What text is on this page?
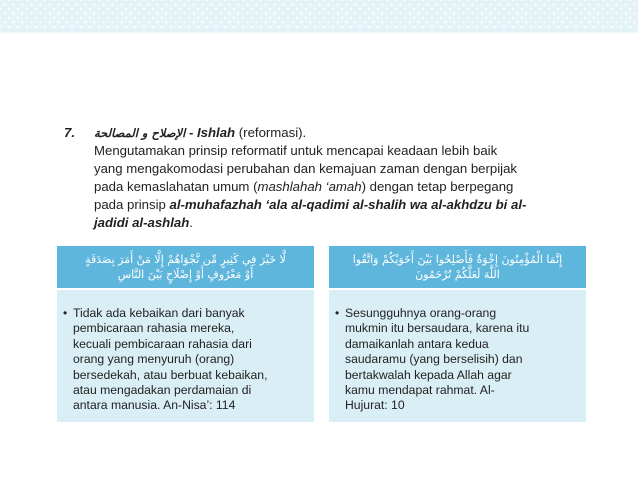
7. الإصلاح و المصالحة - Ishlah (reformasi).
Mengutamakan prinsip reformatif untuk mencapai keadaan lebih baik
yang mengakomodasi perubahan dan kemajuan zaman dengan berpijak
pada kemaslahatan umum (mashlahah ‘amah) dengan tetap berpegang
pada prinsip al-muhafazhah ‘ala al-qadimi al-shalih wa al-akhdzu bi al-
jadidi al-ashlah.
لَّا خَيْرَ فِي كَثِيرٍ مِّن نَّجْوَاهُمْ إِلَّا مَنْ أَمَرَ بِصَدَقَةٍ
أَوْ مَعْرُوفٍ أَوْ إِصْلَاحٍ بَيْنَ النَّاسِ
• Tidak ada kebaikan dari banyak
pembicaraan rahasia mereka,
kecuali pembicaraan rahasia dari
orang yang menyuruh (orang)
bersedekah, atau berbuat kebaikan,
atau mengadakan perdamaian di
antara manusia. An-Nisa’: 114
إِنَّمَا الْمُؤْمِنُونَ إِخْوَةٌ فَأَصْلِحُوا بَيْنَ أَخَوَيْكُمْ وَاتَّقُوا
اللَّهَ لَعَلَّكُمْ تُرْحَمُونَ
• Sesungguhnya orang-orang
mukmin itu bersaudara, karena itu
damaikanlah antara kedua
saudaramu (yang berselisih) dan
bertakwalah kepada Allah agar
kamu mendapat rahmat. Al-
Hujurat: 10
